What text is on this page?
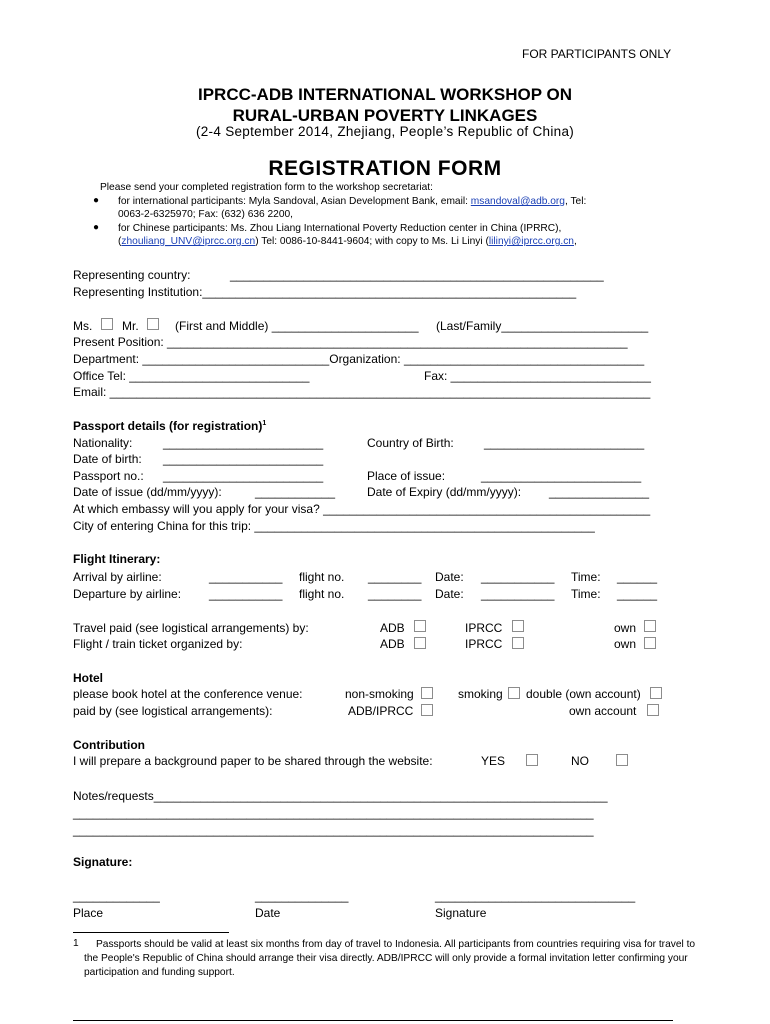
FOR PARTICIPANTS ONLY
IPRCC-ADB INTERNATIONAL WORKSHOP ON
RURAL-URBAN POVERTY LINKAGES
(2-4 September 2014, Zhejiang, People’s Republic of China)
REGISTRATION FORM
Please send your completed registration form to the workshop secretariat:
● for international participants: Myla Sandoval, Asian Development Bank, email: msandoval@adb.org, Tel:
0063-2-6325970; Fax: (632) 636 2200,
● for Chinese participants: Ms. Zhou Liang International Poverty Reduction center in China (IPRRC),
(zhouliang_UNV@iprcc.org.cn) Tel: 0086-10-8441-9604; with copy to Ms. Li Linyi (lilinyi@iprcc.org.cn,
Representing country:	________________________________________________________
Representing Institution:________________________________________________________
Ms. Mr.	(First and Middle) ______________________ (Last/Family______________________
Present Position: _____________________________________________________________________
Department: ____________________________Organization: ____________________________________
Office Tel: ___________________________	Fax: ______________________________
Email: _________________________________________________________________________________
Passport details (for registration)$^1$
Nationality:	________________________	Country of Birth:	________________________
Date of birth: ________________________
Passport no.: ________________________	Place of issue:	________________________
Date of issue (dd/mm/yyyy):	____________	Date of Expiry (dd/mm/yyyy): _______________
At which embassy will you apply for your visa? _________________________________________________
City of entering China for this trip: ___________________________________________________
Flight Itinerary:
Arrival by airline:	___________ flight no. ________ Date: ___________ Time: ______
Departure by airline: ___________ flight no. ________ Date: ___________ Time: ______
Travel paid (see logistical arrangements) by:	ADB	IPRCC	own
Flight / train ticket organized by:	ADB	IPRCC	own
Hotel
please book hotel at the conference venue:	non-smoking	smoking double (own account)
paid by (see logistical arrangements):	ADB/IPRCC	own account
Contribution
I will prepare a background paper to be shared through the website:	YES	NO
Notes/requests____________________________________________________________________
______________________________________________________________________________
______________________________________________________________________________
Signature:
_____________	______________	______________________________
Place	Date	Signature
1	Passports should be valid at least six months from day of travel to Indonesia. All participants from countries requiring visa for travel to the People's Republic of China should arrange their visa directly. ADB/IPRCC will only provide a formal invitation letter confirming your participation and funding support.
